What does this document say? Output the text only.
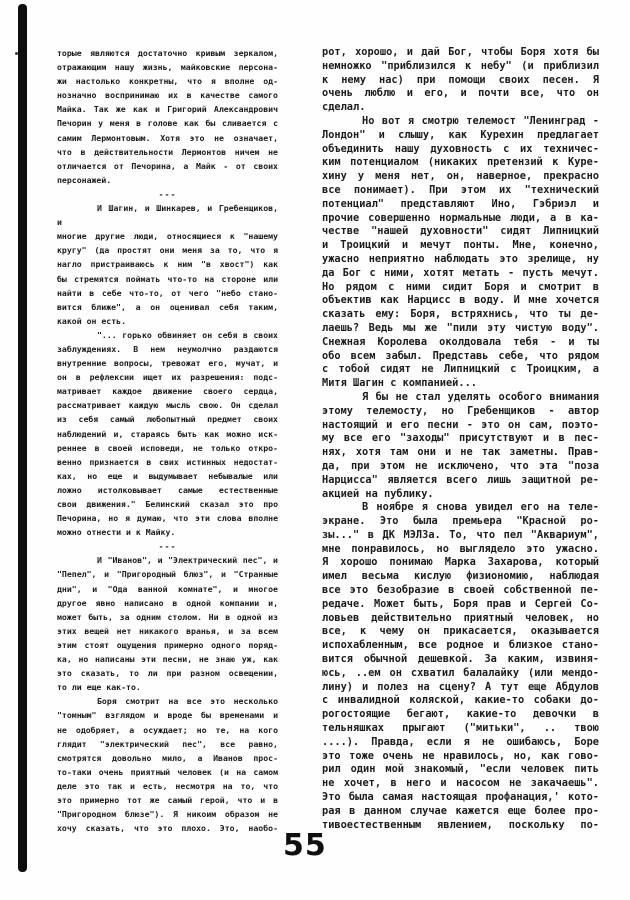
торые являются достаточно кривым зеркалом,
отражающим нашу жизнь, майковские персона-
жи настолько конкретны, что я вполне од-
нозначно воспринимаю их в качестве самого
Майка. Так же как и Григорий Александрович
Печорин у меня в голове как бы сливается с
самим Лермонтовым. Хотя это не означает,
что в действительности Лермонтов ничем не
отличается от Печорина, а Майк - от своих
персонажей.
---
И Шагин, и Шинкарев, и Гребенщиков, и
многие другие люди, относящиеся к "нашему
кругу" (да простят они меня за то, что я
нагло пристраиваюсь к ним "в хвост") как
бы стремятся поймать что-то на стороне или
найти в себе что-то, от чего "небо стано-
вится ближе", а он оценивал себя таким,
какой он есть.
"... горько обвиняет он себя в своих
заблуждениях. В нем неумолчно раздаются
внутренние вопросы, тревожат его, мучат, и
он в рефлексии ищет их разрешения: подс-
матривает каждое движение своего сердца,
рассматривает каждую мысль свою. Он сделал
из себя самый любопытный предмет своих
наблюдений и, стараясь быть как можно иск-
реннее в своей исповеди, не только откро-
венно признается в свих истинных недостат-
ках, но еще и выдумывает небывалые или
ложно истолковывает самые естественные
свои движения." Белинский сказал это про
Печорина, но я думаю, что эти слова вполне
можно отнести и к Майку.
---
И "Иванов", и "Электрический пес", и
"Пепел", и "Пригородный блюз", и "Странные
дни", и "Ода ванной комнате", и многое
другое явно написано в одной компании и,
может быть, за одним столом. Ни в одной из
этих вещей нет никакого вранья, и за всем
этим стоят ощущения примерно одного поряд-
ка, но написаны эти песни, не знаю уж, как
это сказать, то ли при разном освещении,
то ли еще как-то.
Боря смотрит на все это несколько
"томным" взглядом и вроде бы временами и
не одобряет, а осуждает; но те, на кого
глядит "электрический пес", все равно,
смотрятся довольно мило, а Иванов прос-
то-таки очень приятный человек (и на самом
деле это так и есть, несмотря на то, что
это примерно тот же самый герой, что и в
"Пригородном блюзе"). Я никоим образом не
хочу сказать, что это плохо. Это, наобо-
рот, хорошо, и дай Бог, чтобы Боря хотя бы
немножко "приблизился к небу" (и приблизил
к нему нас) при помощи своих песен. Я
очень люблю и его, и почти все, что он
сделал.
Но вот я смотрю телемост "Ленинград -
Лондон" и слышу, как Курехин предлагает
объединить нашу духовность с их техничес-
ким потенциалом (никаких претензий к Куре-
хину у меня нет, он, наверное, прекрасно
все понимает). При этом их "технический
потенциал" представляют Ино, Гэбриэл и
прочие совершенно нормальные люди, а в ка-
честве "нашей духовности" сидят Липницкий
и Троицкий и мечут понты. Мне, конечно,
ужасно неприятно наблюдать это зрелище, ну
да Бог с ними, хотят метать - пусть мечут.
Но рядом с ними сидит Боря и смотрит в
объектив как Нарцисс в воду. И мне хочется
сказать ему: Боря, встряхнись, что ты де-
лаешь? Ведь мы же "пили эту чистую воду".
Снежная Королева околдовала тебя - и ты
обо всем забыл. Представь себе, что рядом
с тобой сидят не Липницкий с Троицким, а
Митя Шагин с компанией...
Я бы не стал уделять особого внимания
этому телемосту, но Гребенщиков - автор
настоящий и его песни - это он сам, поэто-
му все его "заходы" присутствуют и в пес-
нях, хотя там они и не так заметны. Прав-
да, при этом не исключено, что эта "поза
Нарцисса" является всего лишь защитной ре-
акцией на публику.
В ноябре я снова увидел его на теле-
экране. Это была премьера "Красной ро-
зы..." в ДК МЭЛЗа. То, что пел "Аквариум",
мне понравилось, но выглядело это ужасно.
Я хорошо понимаю Марка Захарова, который
имел весьма кислую физиономию, наблюдая
все это безобразие в своей собственной пе-
редаче. Может быть, Боря прав и Сергей Со-
ловьев действительно приятный человек, но
все, к чему он прикасается, оказывается
испохабленным, все родное и близкое стано-
вится обычной дешевкой. За каким, извиня-
юсь, ..ем он схватил балалайку (или мендо-
лину) и полез на сцену? А тут еще Абдулов
с инвалидной коляской, какие-то собаки до-
рогостоящие бегают, какие-то девочки в
тельняшках прыгают ("митьки", .. твою
....). Правда, если я не ошибаюсь, Боре
это тоже очень не нравилось, но, как гово-
рил один мой знакомый, "если человек пить
не хочет, в него и насосом не закачаешь".
Это была самая настоящая профанация,' кото-
рая в данном случае кажется еще более про-
тивоестественным явлением, поскольку по-
55
